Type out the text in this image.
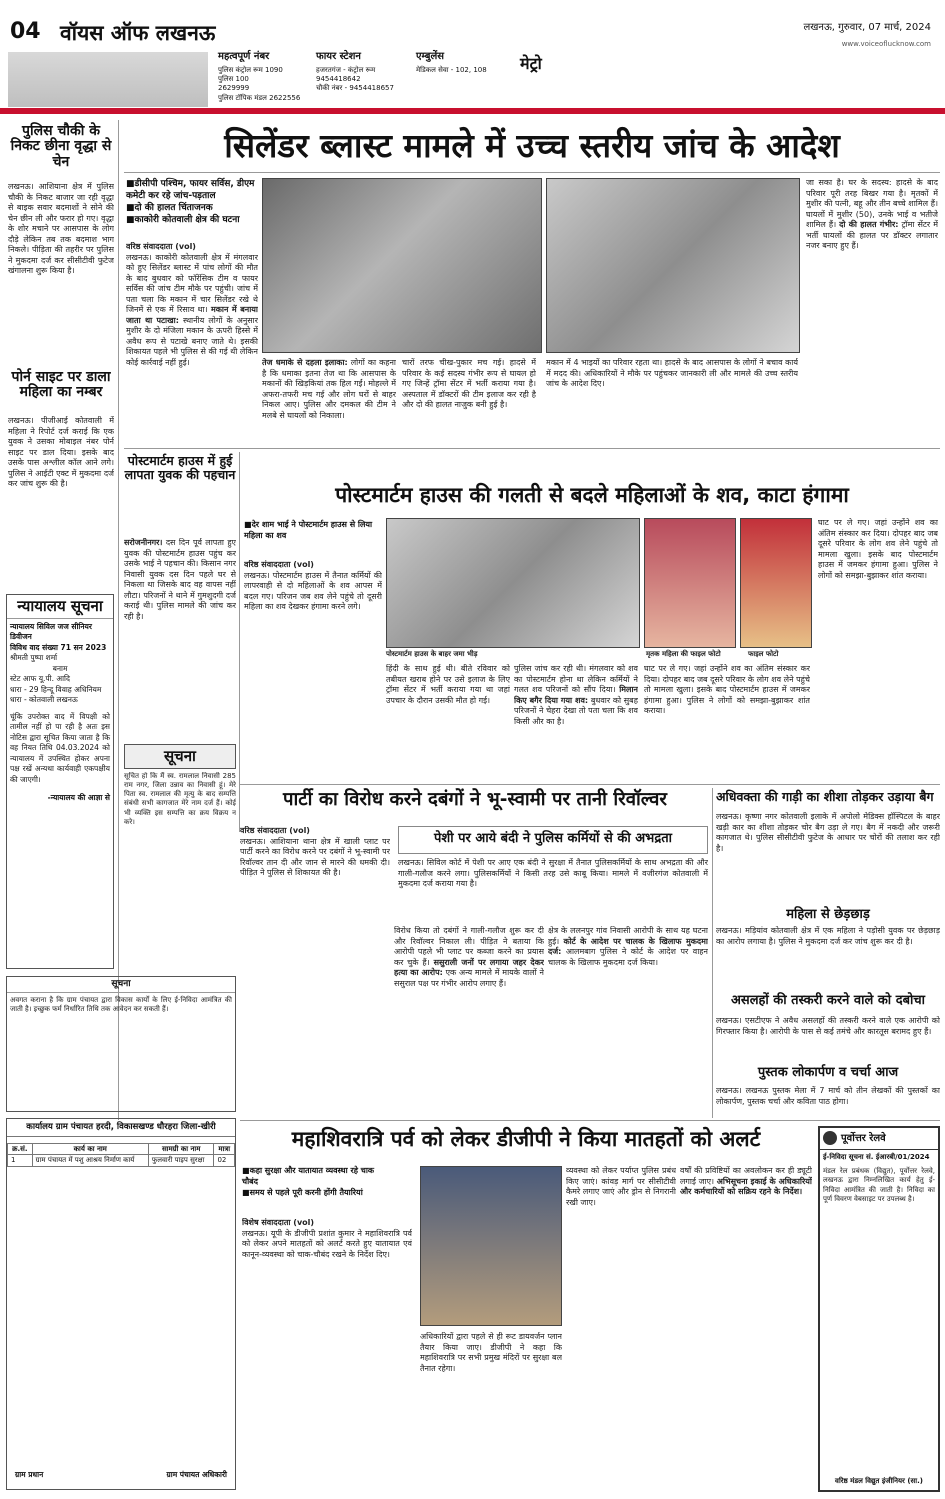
04 वॉयस ऑफ लखनऊ	लखनऊ, गुरुवार, 07 मार्च, 2024
www.voiceoflucknow.com
मेट्रो
महत्वपूर्ण नंबर
पुलिस कंट्रोल रूम 1090
पुलिस 100
2629999
पुलिस टॉपिक मंडल 2622556
फायर स्टेशन
हजरतगंज - कंट्रोल रूम
9454418642
चौकी नंबर - 9454418657
एम्बुलेंस
मेडिकल सेवा - 102, 108
पुलिस चौकी के निकट छीना वृद्धा से चेन
लखनऊ। आशियाना क्षेत्र में पुलिस चौकी के निकट बाजार जा रही वृद्धा से बाइक सवार बदमाशों ने सोने की चेन छीन ली और फरार हो गए। वृद्धा के शोर मचाने पर आसपास के लोग दौड़े लेकिन तब तक बदमाश भाग निकले। पीड़िता की तहरीर पर पुलिस ने मुकदमा दर्ज कर सीसीटीवी फुटेज खंगालना शुरू किया है।
पोर्न साइट पर डाला महिला का नम्बर
लखनऊ। पीजीआई कोतवाली में महिला ने रिपोर्ट दर्ज कराई कि एक युवक ने उसका मोबाइल नंबर पोर्न साइट पर डाल दिया। इसके बाद उसके पास अश्लील कॉल आने लगे। पुलिस ने आईटी एक्ट में मुकदमा दर्ज कर जांच शुरू की है।
न्यायालय सूचना
न्यायालय सिविल जज सीनियर डिवीजन
विविध वाद संख्या 71 सन 2023
श्रीमती पुष्पा शर्मा
बनाम
स्टेट आफ यू.पी. आदि
धारा - 29 हिन्दू विवाह अधिनियम
धारा - कोतवाली लखनऊ
चूंकि उपरोक्त वाद में विपक्षी को तामील नहीं हो पा रही है अतः इस नोटिस द्वारा सूचित किया जाता है कि वह नियत तिथि 04.03.2024 को न्यायालय में उपस्थित होकर अपना पक्ष रखें अन्यथा कार्यवाही एकपक्षीय की जाएगी।
-न्यायालय की आज्ञा से
सिलेंडर ब्लास्ट मामले में उच्च स्तरीय जांच के आदेश
■ डीसीपी पश्चिम, फायर सर्विस, डीएम कमेटी कर रहे जांच-पड़ताल
■ दो की हालत चिंताजनक
■ काकोरी कोतवाली क्षेत्र की घटना
वरिष्ठ संवाददाता (vol)
लखनऊ। काकोरी कोतवाली क्षेत्र में मंगलवार को हुए सिलेंडर ब्लास्ट में पांच लोगों की मौत के बाद बुधवार को फॉरेंसिक टीम व फायर सर्विस की जांच टीम मौके पर पहुंची। जांच में पता चला कि मकान में चार सिलेंडर रखे थे जिनमें से एक में रिसाव था। मकान में बनाया जाता था पटाखा: स्थानीय लोगों के अनुसार मुशीर के दो मंजिला मकान के ऊपरी हिस्से में अवैध रूप से पटाखे बनाए जाते थे। इसकी शिकायत पहले भी पुलिस से की गई थी लेकिन कोई कार्रवाई नहीं हुई।	तेज धमाके से दहला इलाका: लोगों का कहना है कि धमाका इतना तेज था कि आसपास के मकानों की खिड़कियां तक हिल गईं। मोहल्ले में अफरा-तफरी मच गई और लोग घरों से बाहर निकल आए। पुलिस और दमकल की टीम ने मलबे से घायलों को निकाला।
चारों तरफ चीख-पुकार मच गई। हादसे में परिवार के कई सदस्य गंभीर रूप से घायल हो गए जिन्हें ट्रॉमा सेंटर में भर्ती कराया गया है। अस्पताल में डॉक्टरों की टीम इलाज कर रही है और दो की हालत नाजुक बनी हुई है।
मकान में 4 भाइयों का परिवार रहता था। हादसे के बाद आसपास के लोगों ने बचाव कार्य में मदद की। अधिकारियों ने मौके पर पहुंचकर जानकारी ली और मामले की उच्च स्तरीय जांच के आदेश दिए।
जा सका है। घर के सदस्य: हादसे के बाद परिवार पूरी तरह बिखर गया है। मृतकों में मुशीर की पत्नी, बहू और तीन बच्चे शामिल हैं। घायलों में मुशीर (50), उनके भाई व भतीजे शामिल हैं। दो की हालत गंभीर: ट्रॉमा सेंटर में भर्ती घायलों की हालत पर डॉक्टर लगातार नजर बनाए हुए हैं।
पोस्टमार्टम हाउस में हुई लापता युवक की पहचान
सरोजनीनगर। दस दिन पूर्व लापता हुए युवक की पोस्टमार्टम हाउस पहुंच कर उसके भाई ने पहचान की। किसान नगर निवासी युवक दस दिन पहले घर से निकला था जिसके बाद वह वापस नहीं लौटा। परिजनों ने थाने में गुमशुदगी दर्ज कराई थी। पुलिस मामले की जांच कर रही है।
सूचना
सूचित हो कि मैं स्व. रामलाल निवासी 285 राम नगर, जिला उन्नाव का निवासी हूं। मेरे पिता स्व. रामलाल की मृत्यु के बाद सम्पत्ति संबंधी सभी कागजात मेरे नाम दर्ज हैं। कोई भी व्यक्ति इस सम्पत्ति का क्रय विक्रय न करे।
पोस्टमार्टम हाउस की गलती से बदले महिलाओं के शव, काटा हंगामा
■ देर शाम भाई ने पोस्टमार्टम हाउस से लिया महिला का शव
पोस्टमार्टम हाउस के बाहर जमा भीड़	मृतक महिला की फाइल फोटो	फाइल फोटो
वरिष्ठ संवाददाता (vol)
लखनऊ। पोस्टमार्टम हाउस में तैनात कर्मियों की लापरवाही से दो महिलाओं के शव आपस में बदल गए। परिजन जब शव लेने पहुंचे तो दूसरी महिला का शव देखकर हंगामा करने लगे।
हिंदी के साथ हुई थी। बीते रविवार को तबीयत खराब होने पर उसे इलाज के लिए ट्रॉमा सेंटर में भर्ती कराया गया था जहां उपचार के दौरान उसकी मौत हो गई।
पुलिस जांच कर रही थी। मंगलवार को शव का पोस्टमार्टम होना था लेकिन कर्मियों ने गलत शव परिजनों को सौंप दिया। मिलान किए बगैर दिया गया शव: बुधवार को सुबह परिजनों ने चेहरा देखा तो पता चला कि शव किसी और का है।
घाट पर ले गए। जहां उन्होंने शव का अंतिम संस्कार कर दिया। दोपहर बाद जब दूसरे परिवार के लोग शव लेने पहुंचे तो मामला खुला। इसके बाद पोस्टमार्टम हाउस में जमकर हंगामा हुआ। पुलिस ने लोगों को समझा-बुझाकर शांत कराया।
घाट पर ले गए। जहां उन्होंने शव का अंतिम संस्कार कर दिया। दोपहर बाद जब दूसरे परिवार के लोग शव लेने पहुंचे तो मामला खुला। इसके बाद पोस्टमार्टम हाउस में जमकर हंगामा हुआ। पुलिस ने लोगों को समझा-बुझाकर शांत कराया।
पार्टी का विरोध करने दबंगों ने भू-स्वामी पर तानी रिवॉल्वर
वरिष्ठ संवाददाता (vol)
लखनऊ। आशियाना थाना क्षेत्र में खाली प्लाट पर पार्टी करने का विरोध करने पर दबंगों ने भू-स्वामी पर रिवॉल्वर तान दी और जान से मारने की धमकी दी। पीड़ित ने पुलिस से शिकायत की है।
विरोध किया तो दबंगों ने गाली-गलौज शुरू कर दी और रिवॉल्वर निकाल ली। पीड़ित ने बताया कि आरोपी पहले भी प्लाट पर कब्जा करने का प्रयास कर चुके हैं। ससुराली जनों पर लगाया जहर देकर हत्या का आरोप: एक अन्य मामले में मायके वालों ने ससुराल पक्ष पर गंभीर आरोप लगाए हैं।
पेशी पर आये बंदी ने पुलिस कर्मियों से की अभद्रता
लखनऊ। सिविल कोर्ट में पेशी पर आए एक बंदी ने सुरक्षा में तैनात पुलिसकर्मियों के साथ अभद्रता की और गाली-गलौज करने लगा। पुलिसकर्मियों ने किसी तरह उसे काबू किया। मामले में वजीरगंज कोतवाली में मुकदमा दर्ज कराया गया है।
क्षेत्र के ललनपुर गांव निवासी आरोपी के साथ यह घटना हुई। कोर्ट के आदेश पर चालक के खिलाफ मुकदमा दर्ज: आलमबाग पुलिस ने कोर्ट के आदेश पर वाहन चालक के खिलाफ मुकदमा दर्ज किया।
अधिवक्ता की गाड़ी का शीशा तोड़कर उड़ाया बैग
लखनऊ। कृष्णा नगर कोतवाली इलाके में अपोलो मेडिक्स हॉस्पिटल के बाहर खड़ी कार का शीशा तोड़कर चोर बैग उड़ा ले गए। बैग में नकदी और जरूरी कागजात थे। पुलिस सीसीटीवी फुटेज के आधार पर चोरों की तलाश कर रही है।
महिला से छेड़छाड़
लखनऊ। मड़ियांव कोतवाली क्षेत्र में एक महिला ने पड़ोसी युवक पर छेड़छाड़ का आरोप लगाया है। पुलिस ने मुकदमा दर्ज कर जांच शुरू कर दी है।
असलहों की तस्करी करने वाले को दबोचा
लखनऊ। एसटीएफ ने अवैध असलहों की तस्करी करने वाले एक आरोपी को गिरफ्तार किया है। आरोपी के पास से कई तमंचे और कारतूस बरामद हुए हैं।
पुस्तक लोकार्पण व चर्चा आज
लखनऊ। लखनऊ पुस्तक मेला में 7 मार्च को तीन लेखकों की पुस्तकों का लोकार्पण, पुस्तक चर्चा और कविता पाठ होगा।
सूचना
अवगत कराना है कि ग्राम पंचायत द्वारा विकास कार्यों के लिए ई-निविदा आमंत्रित की जाती है। इच्छुक फर्म निर्धारित तिथि तक आवेदन कर सकती हैं।
कार्यालय ग्राम पंचायत हरदी, विकासखण्ड धौरहरा जिला-खीरी
क्र.सं.	कार्य का नाम	सामग्री का नाम	मात्रा
1	ग्राम पंचायत में पशु आश्रय निर्माण कार्य	फुलवारी पाइप सुरक्षा	02
ग्राम प्रधान	ग्राम पंचायत अधिकारी
महाशिवरात्रि पर्व को लेकर डीजीपी ने किया मातहतों को अलर्ट
■ कहा सुरक्षा और यातायात व्यवस्था रहे चाक चौबंद
■ समय से पहले पूरी करनी होंगी तैयारियां
विशेष संवाददाता (vol)
लखनऊ। यूपी के डीजीपी प्रशांत कुमार ने महाशिवरात्रि पर्व को लेकर अपने मातहतों को अलर्ट करते हुए यातायात एवं कानून-व्यवस्था को चाक-चौबंद रखने के निर्देश दिए।
अधिकारियों द्वारा पहले से ही रूट डायवर्जन प्लान तैयार किया जाए। डीजीपी ने कहा कि महाशिवरात्रि पर सभी प्रमुख मंदिरों पर सुरक्षा बल तैनात रहेगा।
व्यवस्था को लेकर पर्याप्त पुलिस प्रबंध किए जाएं। कांवड़ मार्ग पर सीसीटीवी कैमरे लगाए जाएं और ड्रोन से निगरानी रखी जाए।
वर्षों की प्रविष्टियों का अवलोकन कर ही ड्यूटी लगाई जाए। अभिसूचना इकाई के अधिकारियों और कर्मचारियों को सक्रिय रहने के निर्देश।
पूर्वोत्तर रेलवे
ई-निविदा सूचना सं. ईआरबी/01/2024
मंडल रेल प्रबंधक (विद्युत), पूर्वोत्तर रेलवे, लखनऊ द्वारा निम्नलिखित कार्य हेतु ई-निविदा आमंत्रित की जाती है। निविदा का पूर्ण विवरण वेबसाइट पर उपलब्ध है।
वरिष्ठ मंडल विद्युत इंजीनियर (सा.)
